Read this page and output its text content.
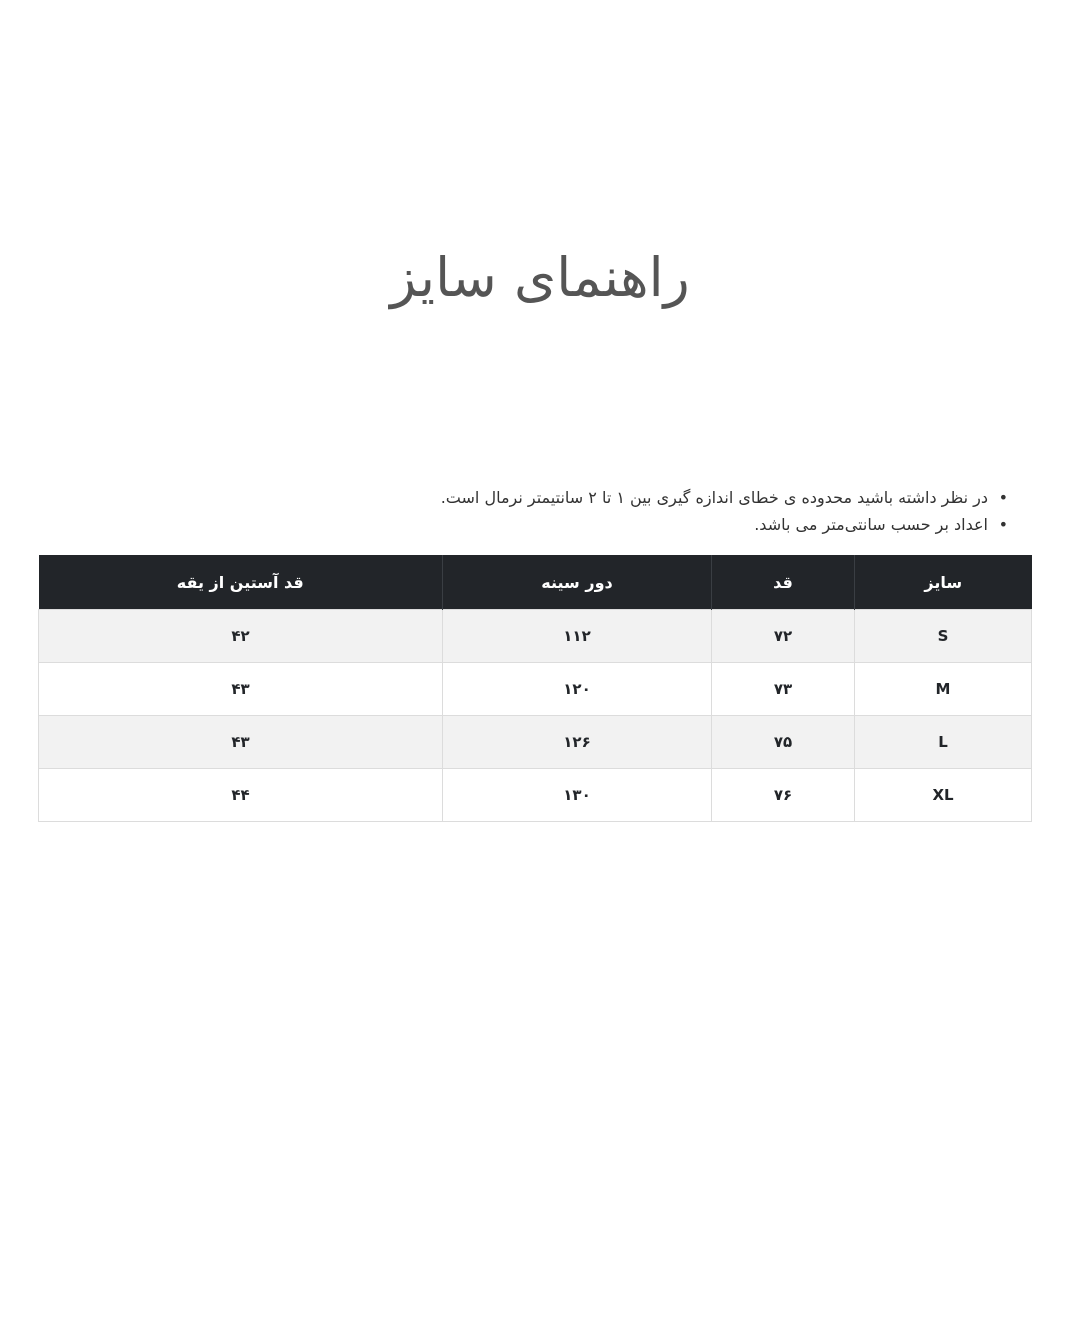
راهنمای سایز
•
در نظر داشته باشید محدوده ی خطای اندازه گیری بین ۱ تا ۲ سانتیمتر نرمال است.
•
اعداد بر حسب سانتی‌متر می باشد.
سایز	قد	دور سینه	قد آستین از یقه
S	۷۲	۱۱۲	۴۲
M	۷۳	۱۲۰	۴۳
L	۷۵	۱۲۶	۴۳
XL	۷۶	۱۳۰	۴۴
